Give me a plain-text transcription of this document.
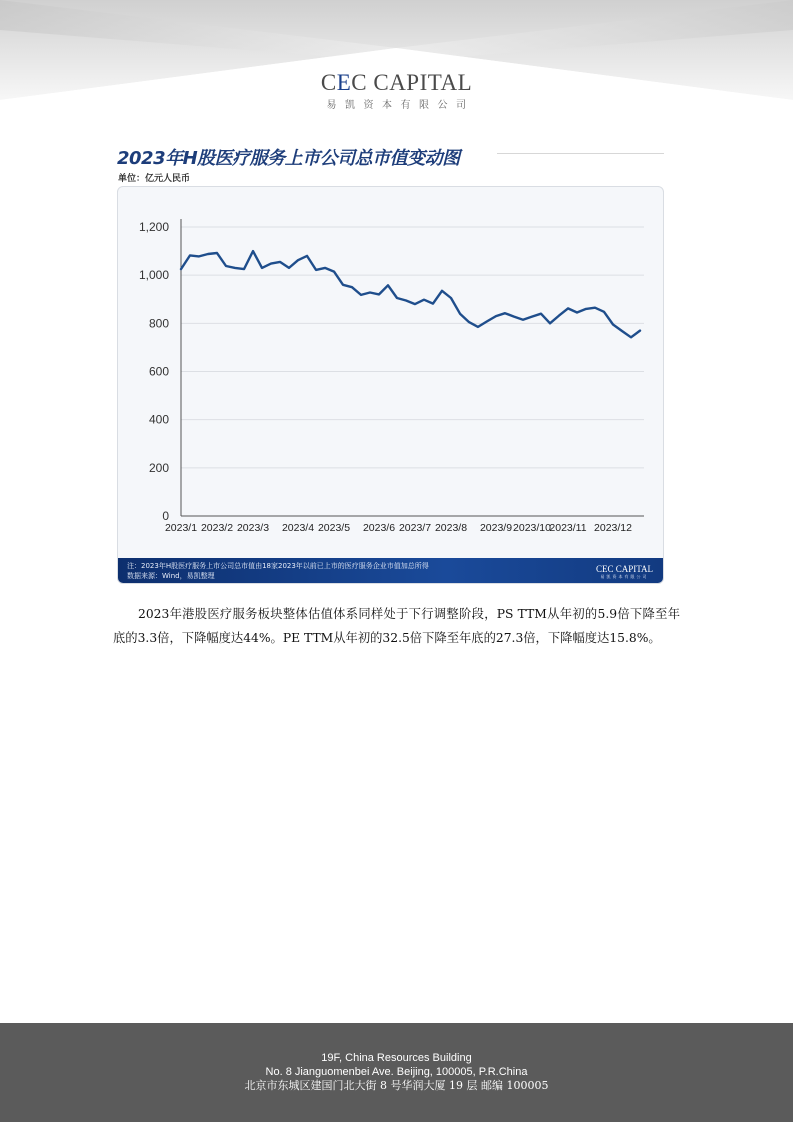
CEC CAPITAL
易凯资本有限公司
2023年H股医疗服务上市公司总市值变动图
单位：亿元人民币
0
200
400
600
800
1,000
1,200
2023/1 2023/2 2023/3 2023/4 2023/5 2023/6 2023/7 2023/8 2023/9 2023/10
2023/11 2023/12
注：2023年H股医疗服务上市公司总市值由18家2023年以前已上市的医疗服务企业市值加总所得
数据来源：Wind，易凯整理
CEC CAPITAL
易凯资本有限公司
2023年港股医疗服务板块整体估值体系同样处于下行调整阶段，PS TTM从年初的5.9倍下降至年底的3.3倍，下降幅度达44%。PE TTM从年初的32.5倍下降至年底的27.3倍，下降幅度达15.8%。
19F, China Resources Building
No. 8 Jianguomenbei Ave. Beijing, 100005, P.R.China
北京市东城区建国门北大街 8 号华润大厦 19 层 邮编 100005
